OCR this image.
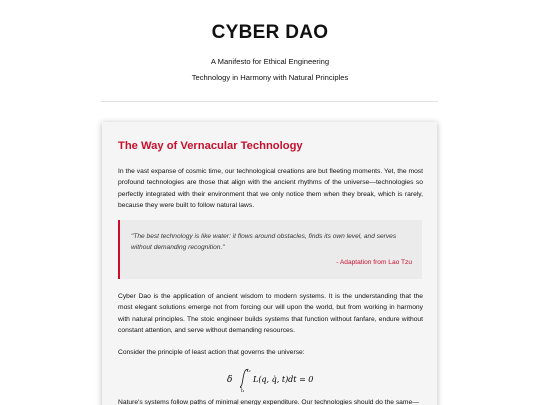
CYBER DAO
A Manifesto for Ethical Engineering
Technology in Harmony with Natural Principles
The Way of Vernacular Technology

In the vast expanse of cosmic time, our technological creations are but fleeting moments. Yet, the most profound technologies are those that align with the ancient rhythms of the universe—technologies so perfectly integrated with their environment that we only notice them when they break, which is rarely, because they were built to follow natural laws.

"The best technology is like water: it flows around obstacles, finds its own level, and serves without demanding recognition."
- Adaptation from Lao Tzu

Cyber Dao is the application of ancient wisdom to modern systems. It is the understanding that the most elegant solutions emerge not from forcing our will upon the world, but from working in harmony with natural principles. The stoic engineer builds systems that function without fanfare, endure without constant attention, and serve without demanding resources.

Consider the principle of least action that governs the universe:

δ
t₂
t₁
L(q, q̇, t)dt = 0

Nature's systems follow paths of minimal energy expenditure. Our technologies should do the same—
